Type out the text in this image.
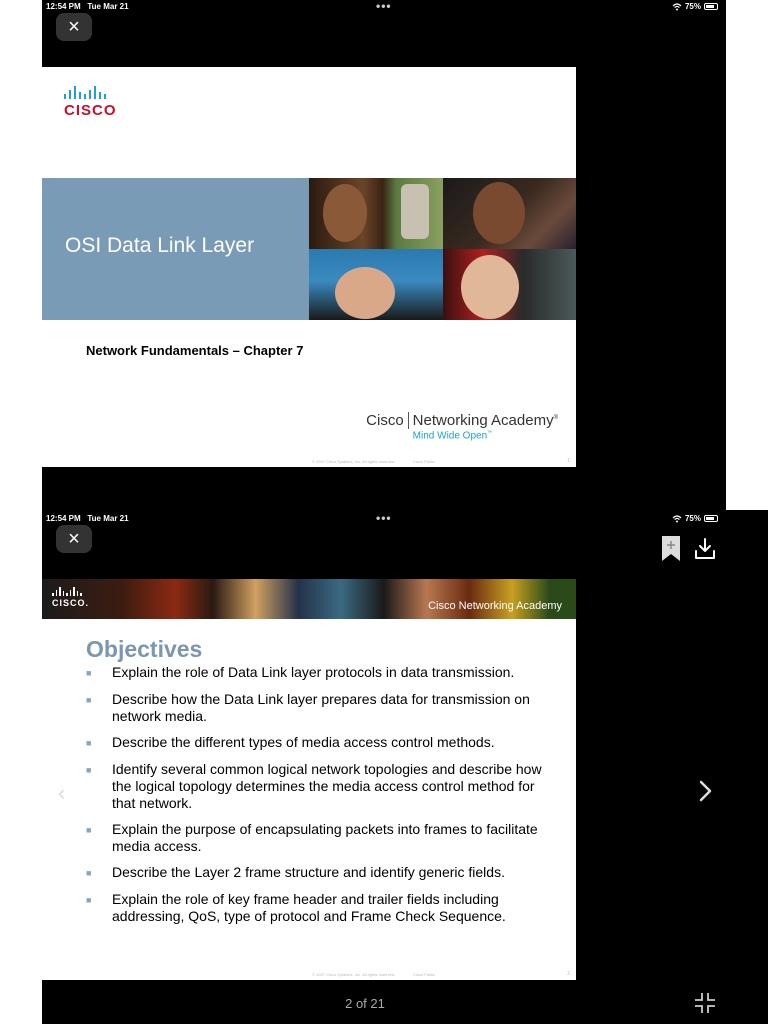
12:54 PM Tue Mar 21	•••	75%
×
CISCO
OSI Data Link Layer
Network Fundamentals – Chapter 7
Cisco Networking Academy®
Mind Wide Open™
© 2007 Cisco Systems, Inc. All rights reserved.	Cisco Public	1
12:54 PM Tue Mar 21	•••	75%
×
CISCO.	Cisco Networking Academy
Objectives
■	Explain the role of Data Link layer protocols in data transmission.
■	Describe how the Data Link layer prepares data for transmission on network media.
■	Describe the different types of media access control methods.
■	Identify several common logical network topologies and describe how the logical topology determines the media access control method for that network.
■	Explain the purpose of encapsulating packets into frames to facilitate media access.
■	Describe the Layer 2 frame structure and identify generic fields.
■	Explain the role of key frame header and trailer fields including addressing, QoS, type of protocol and Frame Check Sequence.
© 2007 Cisco Systems, Inc. All rights reserved.	Cisco Public	2
‹
2 of 21
